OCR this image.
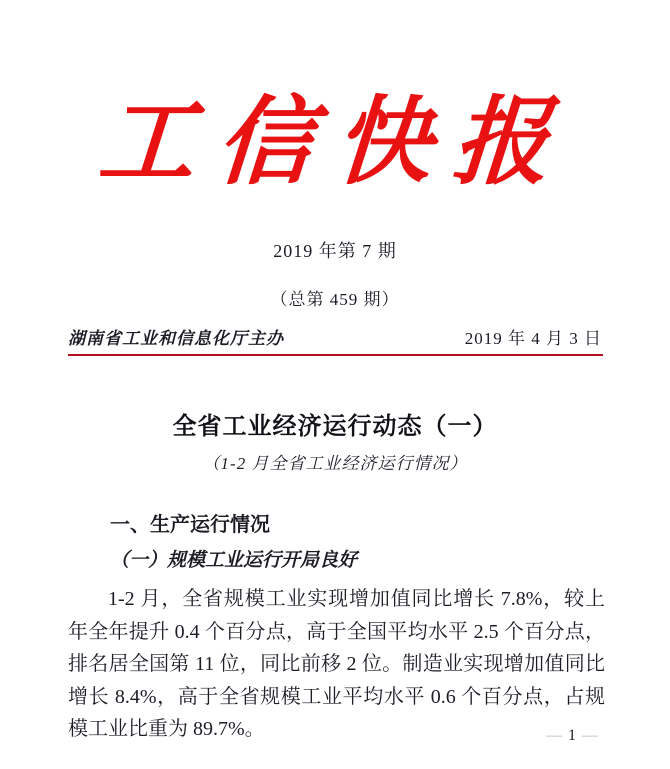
工信快报
2019 年第 7 期
（总第 459 期）
湖南省工业和信息化厅主办	2019 年 4 月 3 日
全省工业经济运行动态（一）
（1-2 月全省工业经济运行情况）
一、生产运行情况
（一）规模工业运行开局良好
1-2 月，全省规模工业实现增加值同比增长 7.8%，较上年全年提升 0.4 个百分点，高于全国平均水平 2.5 个百分点，排名居全国第 11 位，同比前移 2 位。制造业实现增加值同比增长 8.4%，高于全省规模工业平均水平 0.6 个百分点，占规模工业比重为 89.7%。	— 1 —
